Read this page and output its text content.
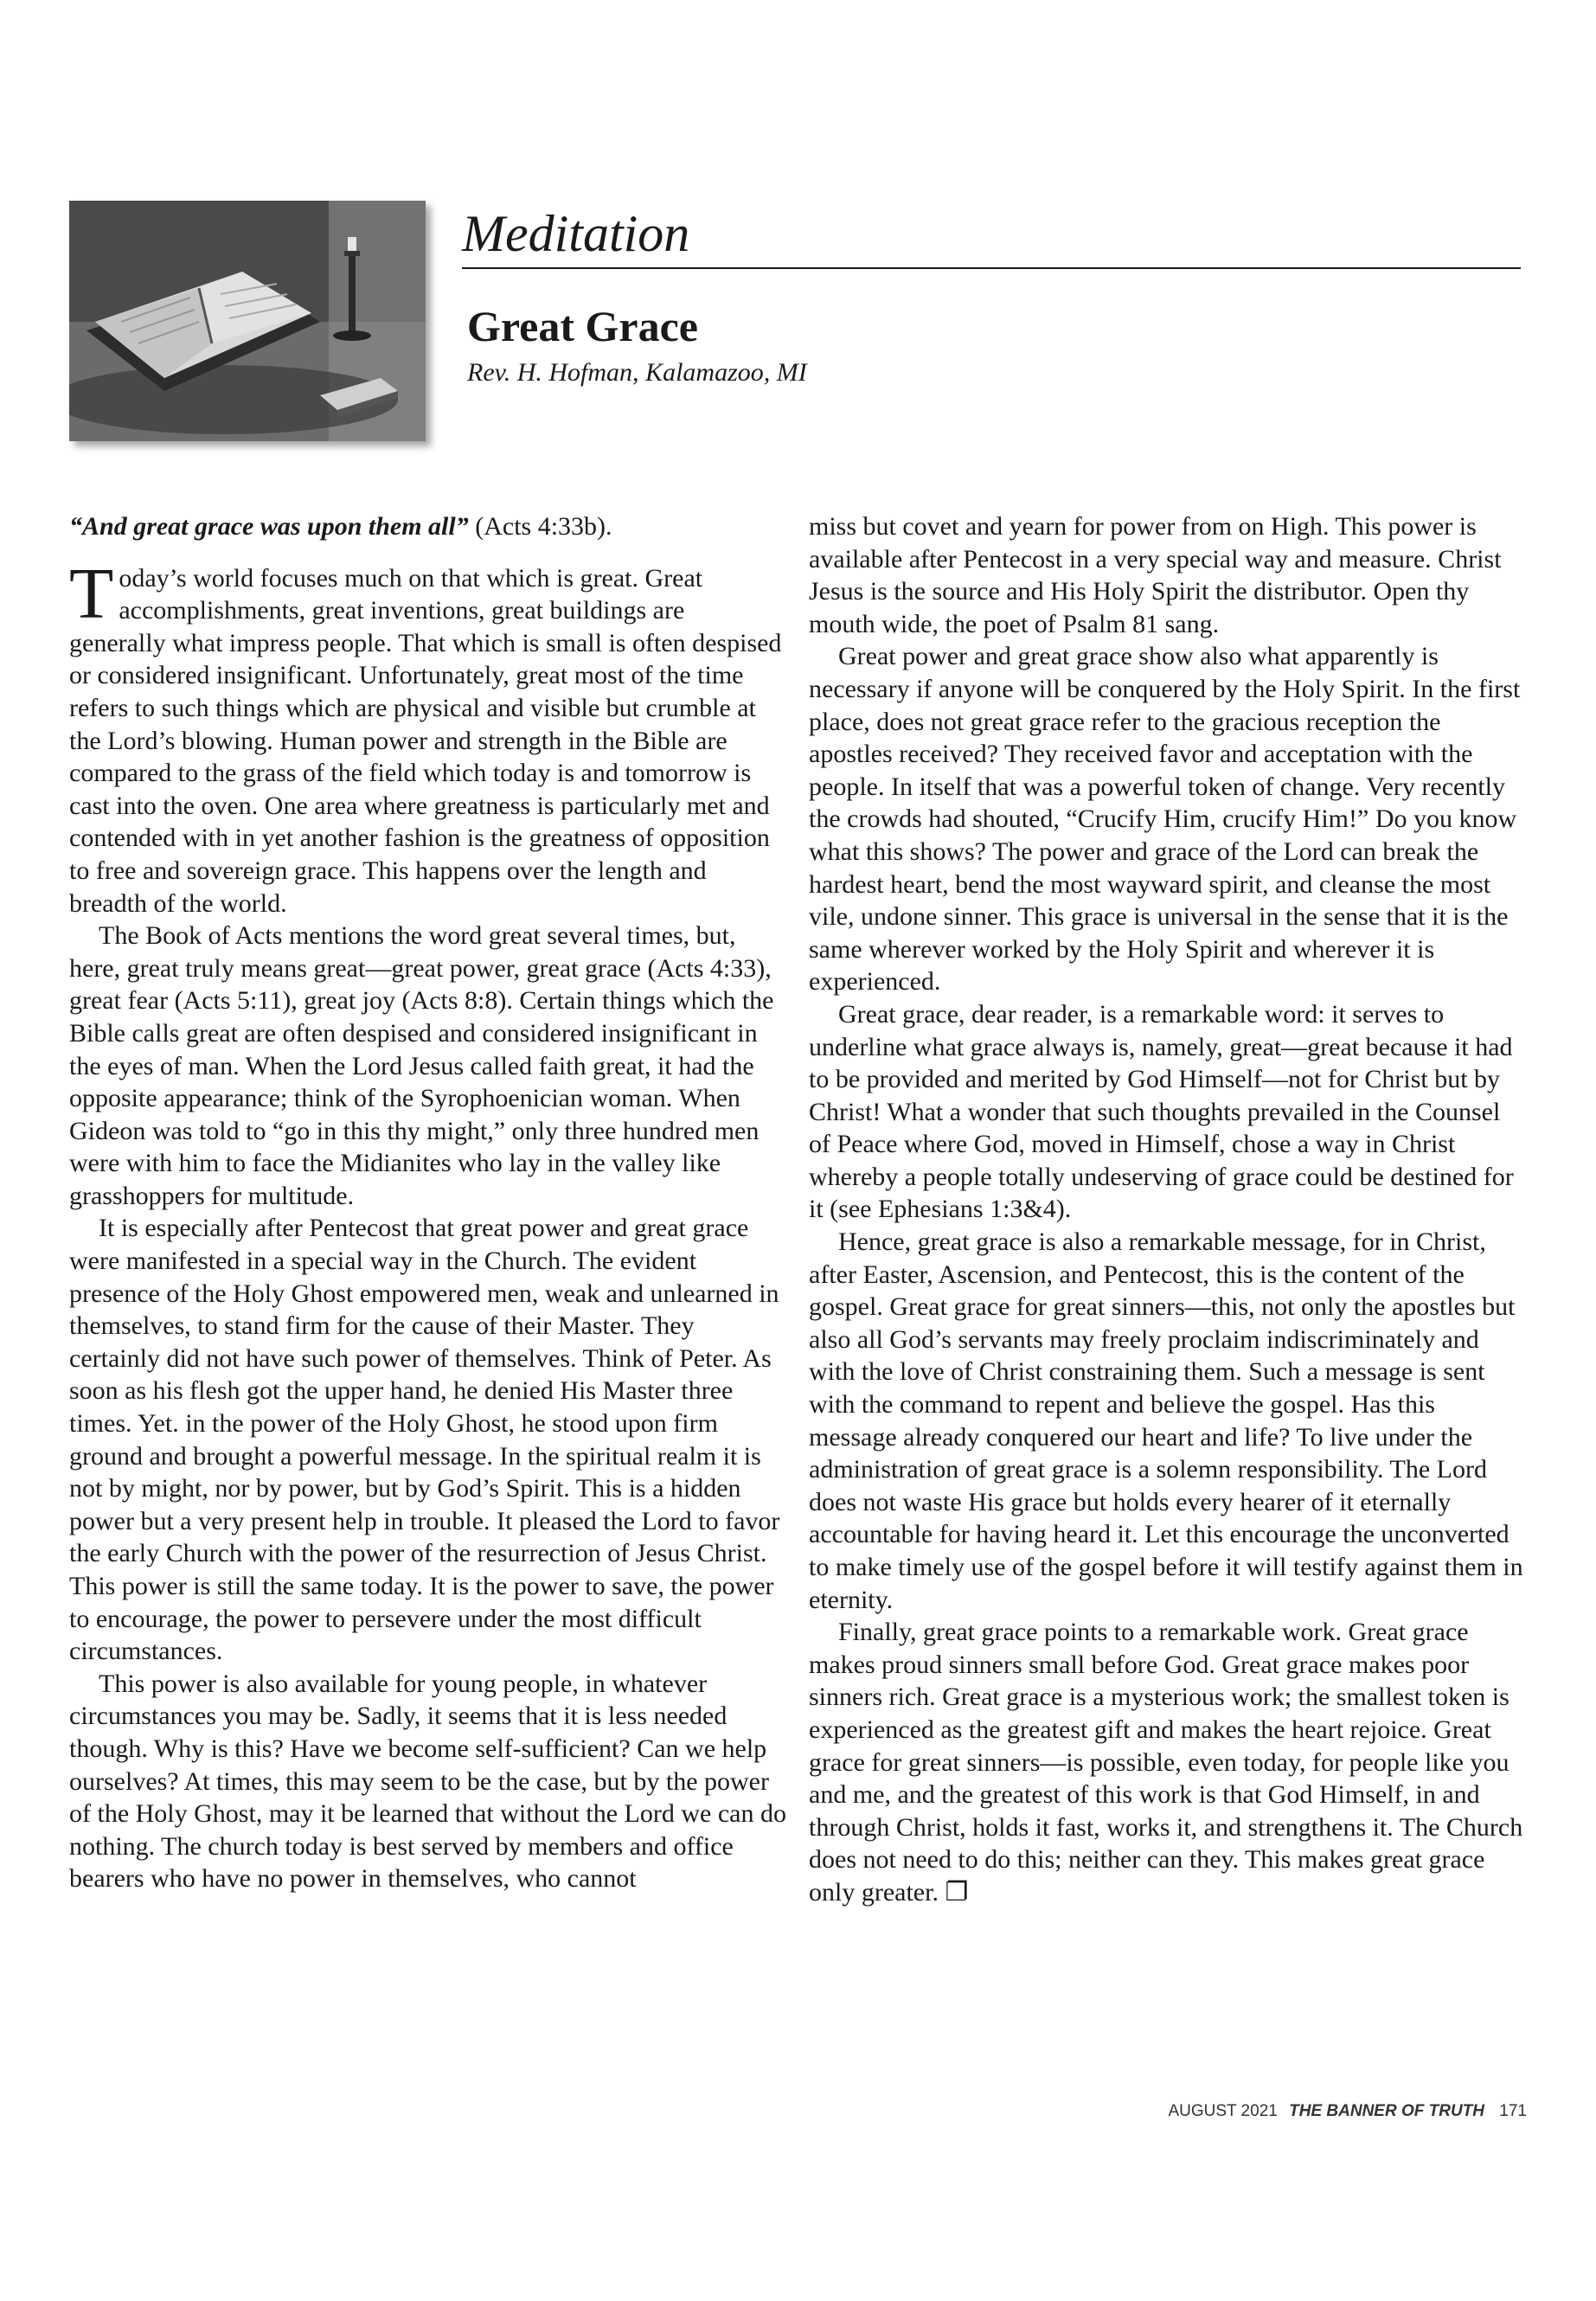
Meditation
Great Grace

Rev. H. Hofman, Kalamazoo, MI

“And great grace was upon them all” (Acts 4:33b).

Today’s world focuses much on that which is great. Great accomplishments, great inventions, great buildings are generally what impress people. That which is small is often despised or considered insignificant. Unfortunately, great most of the time refers to such things which are physical and visible but crumble at the Lord’s blowing. Human power and strength in the Bible are compared to the grass of the field which today is and tomorrow is cast into the oven. One area where greatness is particularly met and contended with in yet another fashion is the greatness of opposition to free and sovereign grace. This happens over the length and breadth of the world.

The Book of Acts mentions the word great several times, but, here, great truly means great—great power, great grace (Acts 4:33), great fear (Acts 5:11), great joy (Acts 8:8). Certain things which the Bible calls great are often despised and considered insignificant in the eyes of man. When the Lord Jesus called faith great, it had the opposite appearance; think of the Syrophoenician woman. When Gideon was told to “go in this thy might,” only three hundred men were with him to face the Midianites who lay in the valley like grasshoppers for multitude.

It is especially after Pentecost that great power and great grace were manifested in a special way in the Church. The evident presence of the Holy Ghost empowered men, weak and unlearned in themselves, to stand firm for the cause of their Master. They certainly did not have such power of themselves. Think of Peter. As soon as his flesh got the upper hand, he denied His Master three times. Yet. in the power of the Holy Ghost, he stood upon firm ground and brought a powerful message. In the spiritual realm it is not by might, nor by power, but by God’s Spirit. This is a hidden power but a very present help in trouble. It pleased the Lord to favor the early Church with the power of the resurrection of Jesus Christ. This power is still the same today. It is the power to save, the power to encourage, the power to persevere under the most difficult circumstances.

This power is also available for young people, in whatever circumstances you may be. Sadly, it seems that it is less needed though. Why is this? Have we become self-sufficient? Can we help ourselves? At times, this may seem to be the case, but by the power of the Holy Ghost, may it be learned that without the Lord we can do nothing. The church today is best served by members and office bearers who have no power in themselves, who cannot

miss but covet and yearn for power from on High. This power is available after Pentecost in a very special way and measure. Christ Jesus is the source and His Holy Spirit the distributor. Open thy mouth wide, the poet of Psalm 81 sang.

Great power and great grace show also what apparently is necessary if anyone will be conquered by the Holy Spirit. In the first place, does not great grace refer to the gracious reception the apostles received? They received favor and acceptation with the people. In itself that was a powerful token of change. Very recently the crowds had shouted, “Crucify Him, crucify Him!” Do you know what this shows? The power and grace of the Lord can break the hardest heart, bend the most wayward spirit, and cleanse the most vile, undone sinner. This grace is universal in the sense that it is the same wherever worked by the Holy Spirit and wherever it is experienced.

Great grace, dear reader, is a remarkable word: it serves to underline what grace always is, namely, great—great because it had to be provided and merited by God Himself—not for Christ but by Christ! What a wonder that such thoughts prevailed in the Counsel of Peace where God, moved in Himself, chose a way in Christ whereby a people totally undeserving of grace could be destined for it (see Ephesians 1:3&4).

Hence, great grace is also a remarkable message, for in Christ, after Easter, Ascension, and Pentecost, this is the content of the gospel. Great grace for great sinners—this, not only the apostles but also all God’s servants may freely proclaim indiscriminately and with the love of Christ constraining them. Such a message is sent with the command to repent and believe the gospel. Has this message already conquered our heart and life? To live under the administration of great grace is a solemn responsibility. The Lord does not waste His grace but holds every hearer of it eternally accountable for having heard it. Let this encourage the unconverted to make timely use of the gospel before it will testify against them in eternity.

Finally, great grace points to a remarkable work. Great grace makes proud sinners small before God. Great grace makes poor sinners rich. Great grace is a mysterious work; the smallest token is experienced as the greatest gift and makes the heart rejoice. Great grace for great sinners—is possible, even today, for people like you and me, and the greatest of this work is that God Himself, in and through Christ, holds it fast, works it, and strengthens it. The Church does not need to do this; neither can they. This makes great grace only greater. ❐

AUGUST 2021 THE BANNER OF TRUTH 171
